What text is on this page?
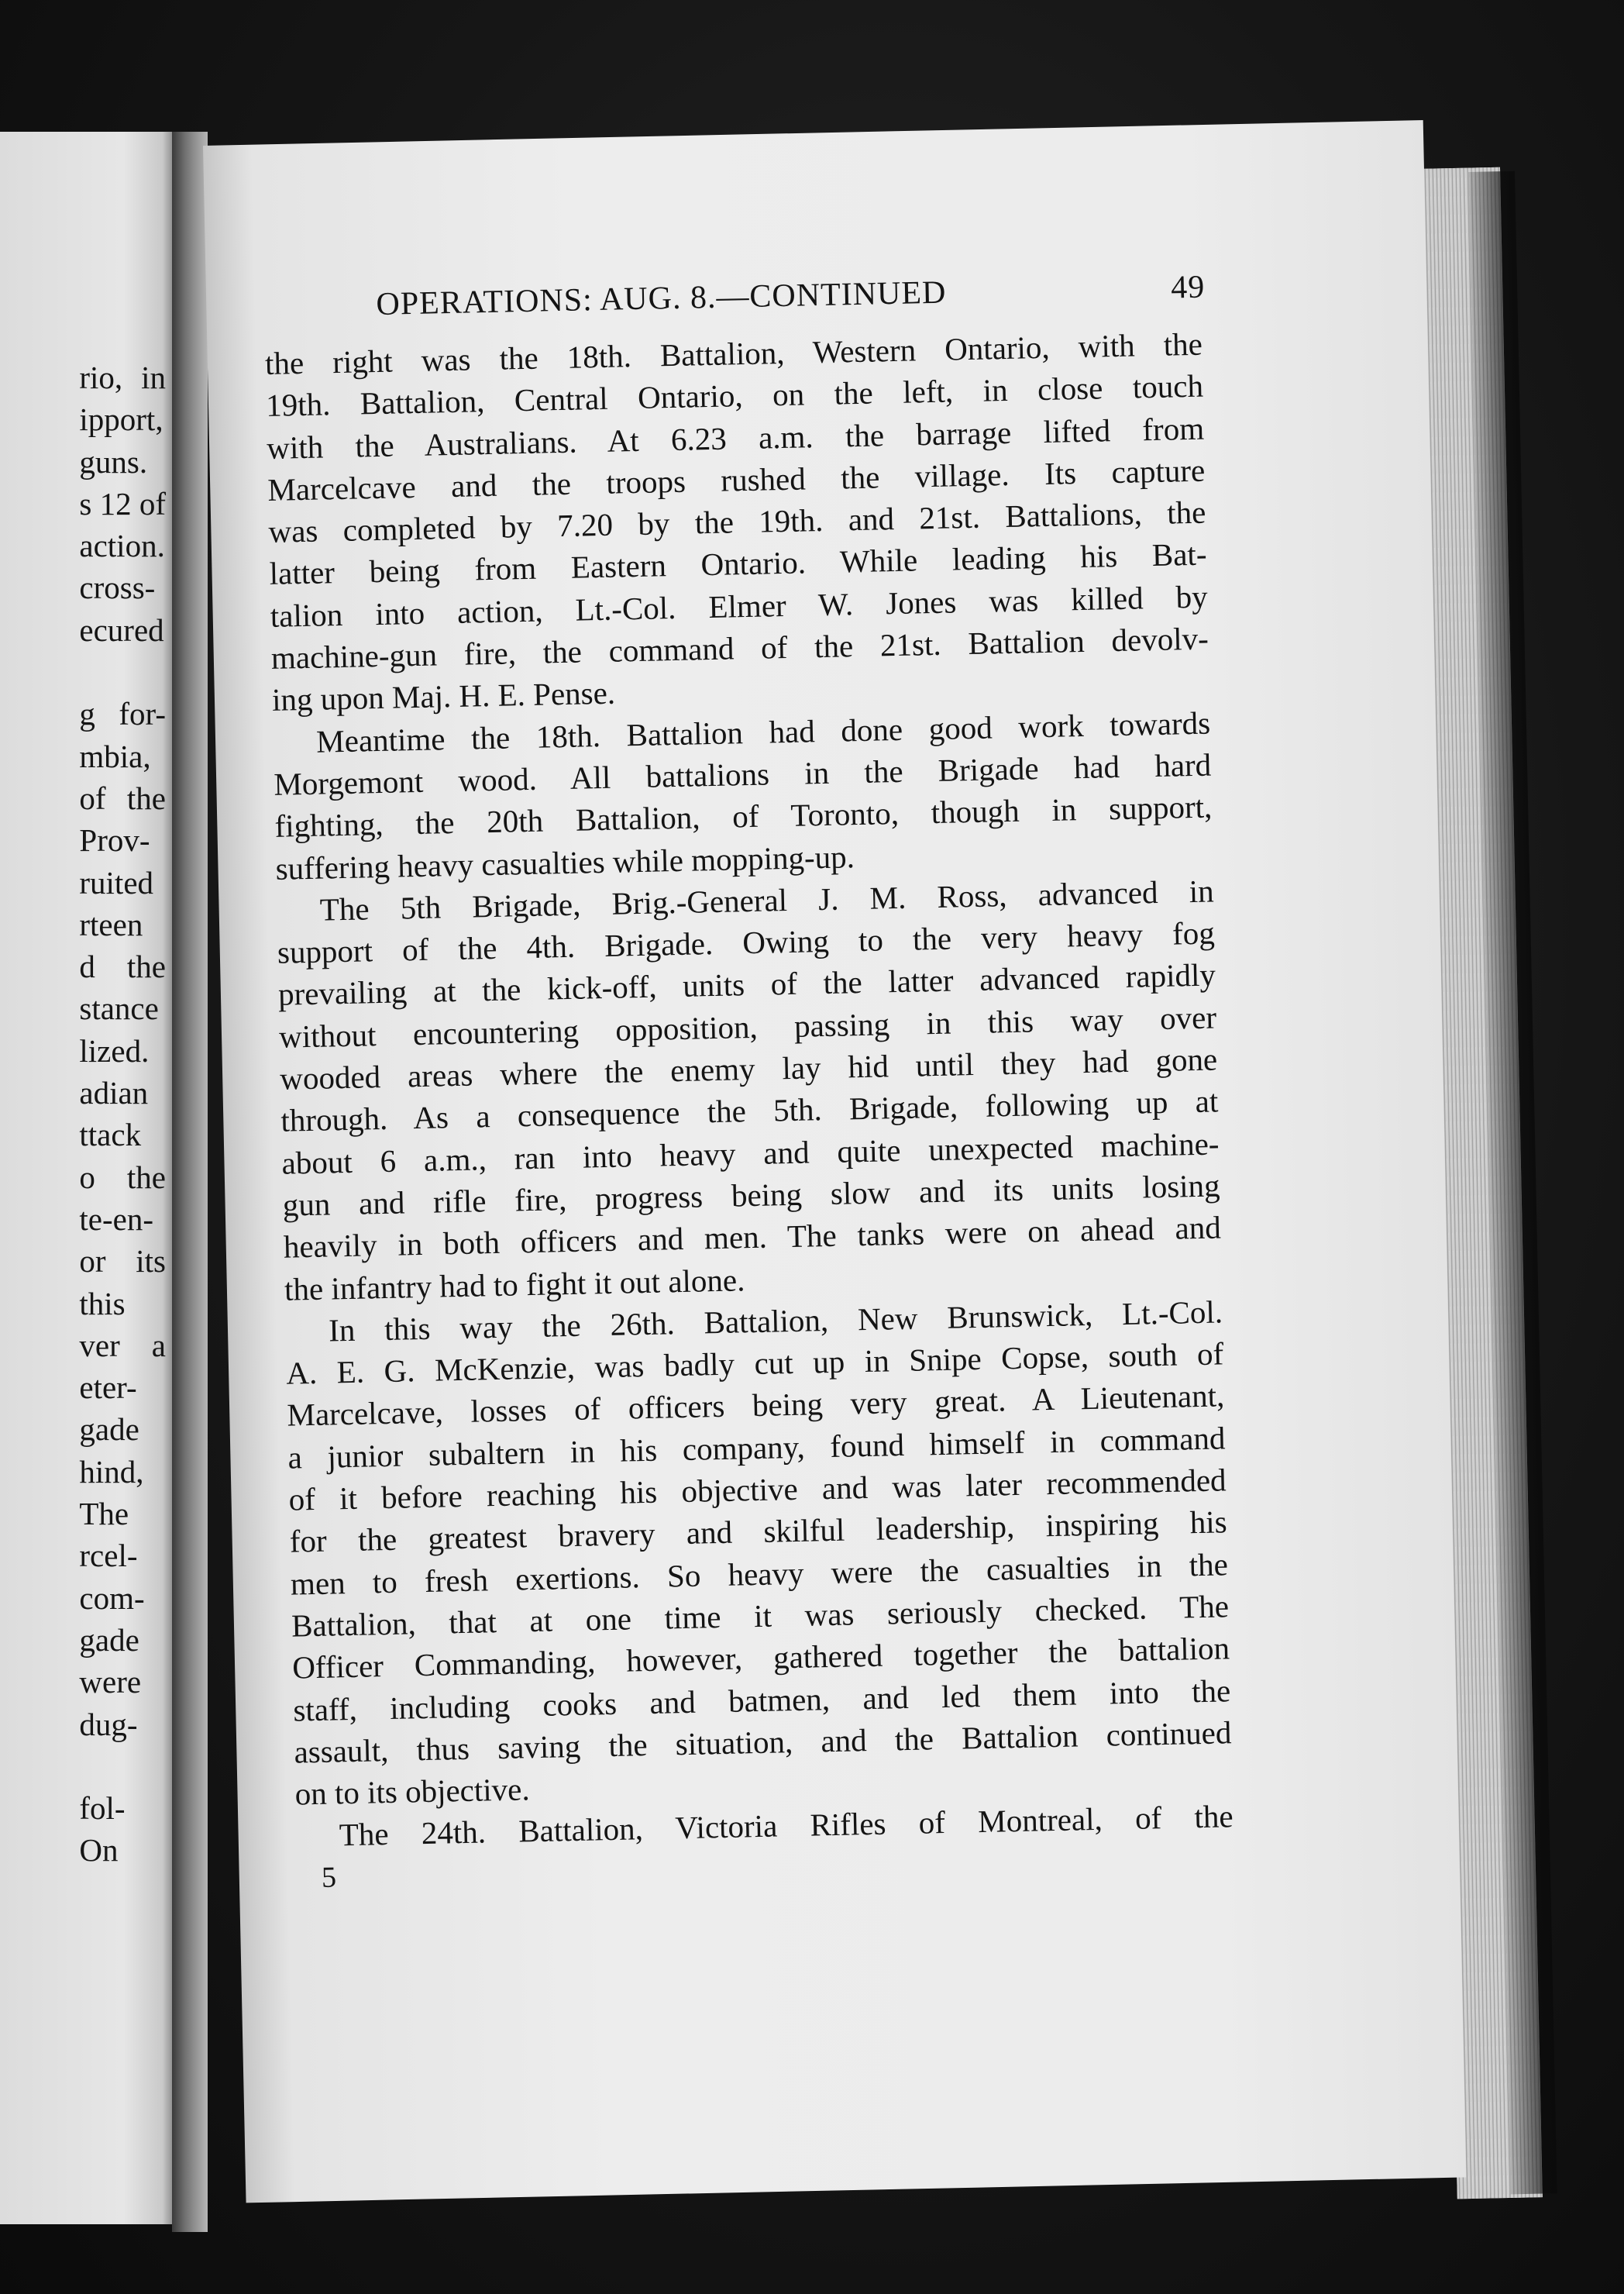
rio, in
ipport,
guns.
s 12 of
action.
cross-
ecured
g for-
mbia,
of the
Prov-
ruited
rteen
d the
stance
lized.
adian
ttack
o the
te-en-
or its
this
ver a
eter-
gade
hind,
The
rcel-
com-
gade
were
dug-
fol-
On
OPERATIONS: AUG. 8.—CONTINUED	49
the right was the 18th. Battalion, Western Ontario, with the
19th. Battalion, Central Ontario, on the left, in close touch
with the Australians. At 6.23 a.m. the barrage lifted from
Marcelcave and the troops rushed the village. Its capture
was completed by 7.20 by the 19th. and 21st. Battalions, the
latter being from Eastern Ontario. While leading his Bat-
talion into action, Lt.-Col. Elmer W. Jones was killed by
machine-gun fire, the command of the 21st. Battalion devolv-
ing upon Maj. H. E. Pense.
Meantime the 18th. Battalion had done good work towards
Morgemont wood. All battalions in the Brigade had hard
fighting, the 20th Battalion, of Toronto, though in support,
suffering heavy casualties while mopping-up.
The 5th Brigade, Brig.-General J. M. Ross, advanced in
support of the 4th. Brigade. Owing to the very heavy fog
prevailing at the kick-off, units of the latter advanced rapidly
without encountering opposition, passing in this way over
wooded areas where the enemy lay hid until they had gone
through. As a consequence the 5th. Brigade, following up at
about 6 a.m., ran into heavy and quite unexpected machine-
gun and rifle fire, progress being slow and its units losing
heavily in both officers and men. The tanks were on ahead and
the infantry had to fight it out alone.
In this way the 26th. Battalion, New Brunswick, Lt.-Col.
A. E. G. McKenzie, was badly cut up in Snipe Copse, south of
Marcelcave, losses of officers being very great. A Lieutenant,
a junior subaltern in his company, found himself in command
of it before reaching his objective and was later recommended
for the greatest bravery and skilful leadership, inspiring his
men to fresh exertions. So heavy were the casualties in the
Battalion, that at one time it was seriously checked. The
Officer Commanding, however, gathered together the battalion
staff, including cooks and batmen, and led them into the
assault, thus saving the situation, and the Battalion continued
on to its objective.
The 24th. Battalion, Victoria Rifles of Montreal, of the
5
